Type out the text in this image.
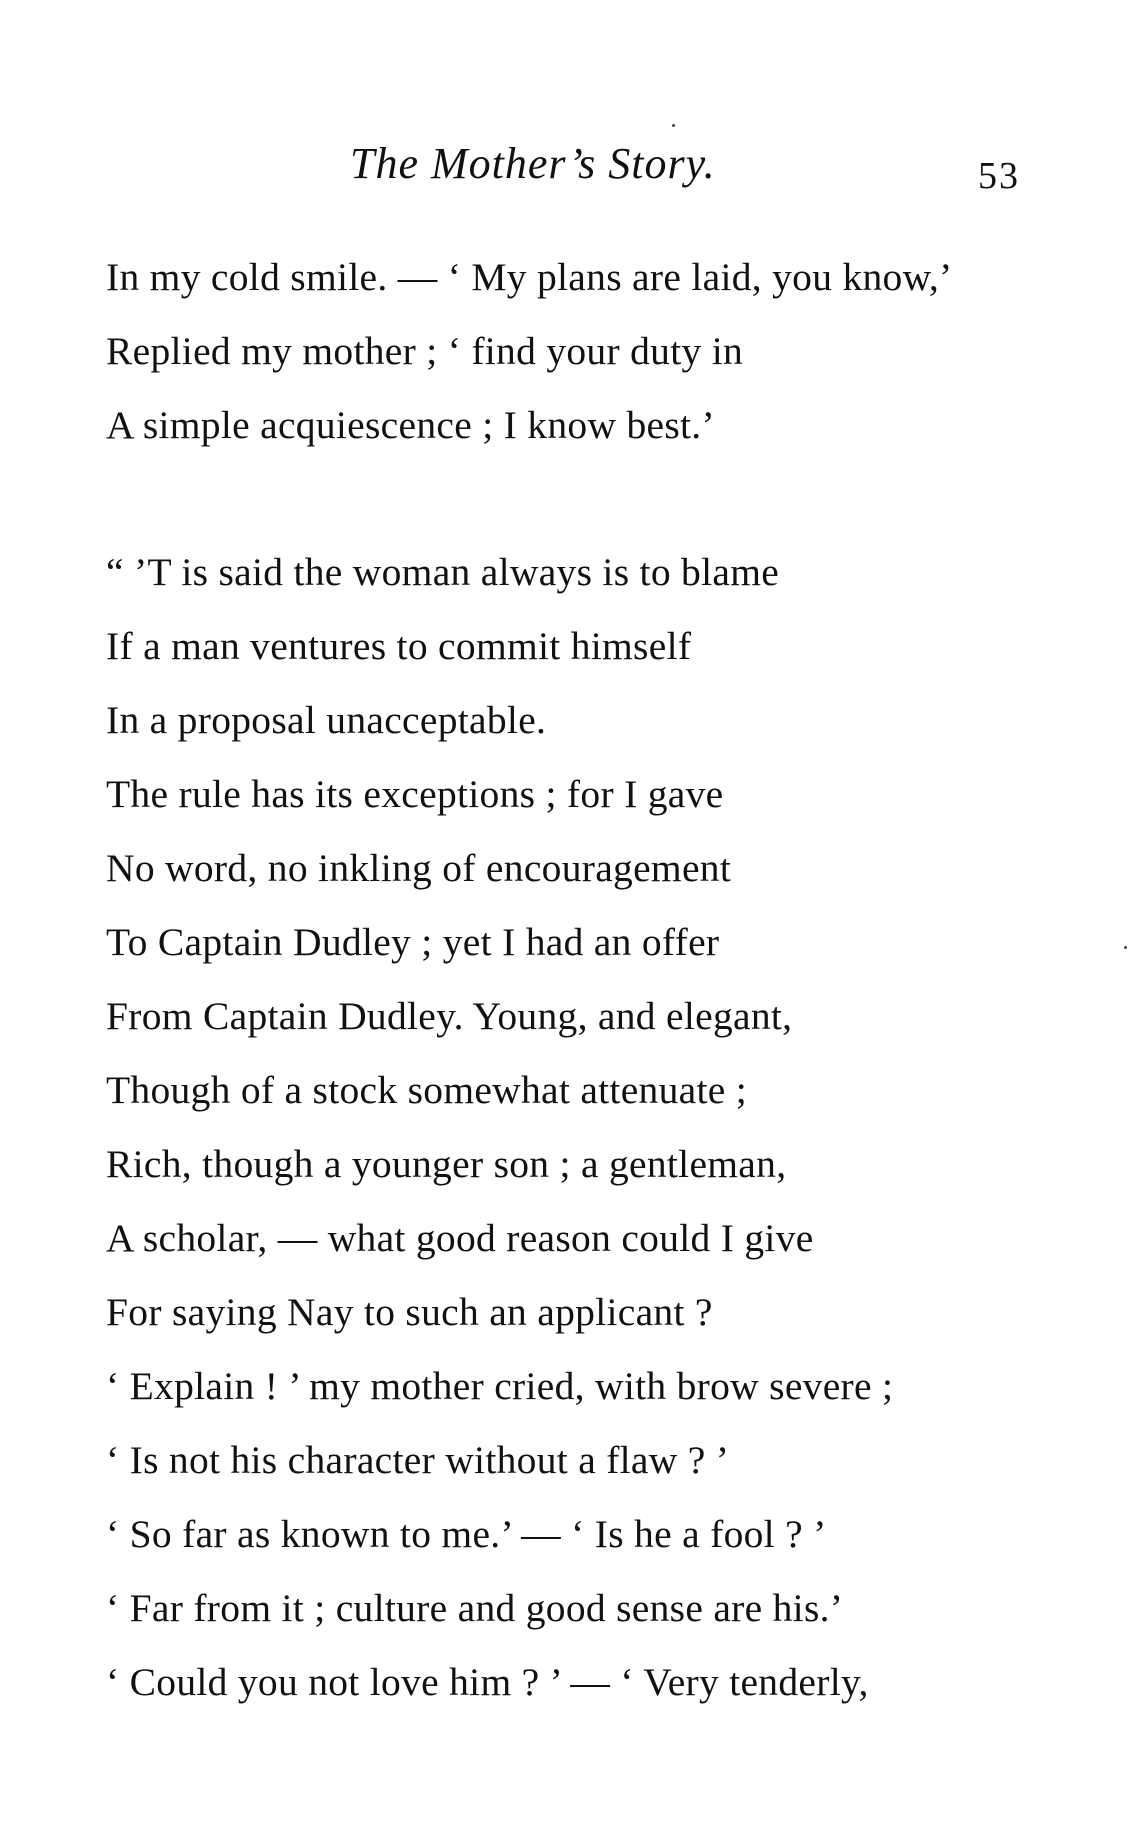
The Mother’s Story.	53
In my cold smile. — ‘ My plans are laid, you know,’
Replied my mother ; ‘ find your duty in
A simple acquiescence ; I know best.’
“ ’T is said the woman always is to blame
If a man ventures to commit himself
In a proposal unacceptable.
The rule has its exceptions ; for I gave
No word, no inkling of encouragement
To Captain Dudley ; yet I had an offer
From Captain Dudley. Young, and elegant,
Though of a stock somewhat attenuate ;
Rich, though a younger son ; a gentleman,
A scholar, — what good reason could I give
For saying Nay to such an applicant ?
‘ Explain ! ’ my mother cried, with brow severe ;
‘ Is not his character without a flaw ? ’
‘ So far as known to me.’ — ‘ Is he a fool ? ’
‘ Far from it ; culture and good sense are his.’
‘ Could you not love him ? ’ — ‘ Very tenderly,
